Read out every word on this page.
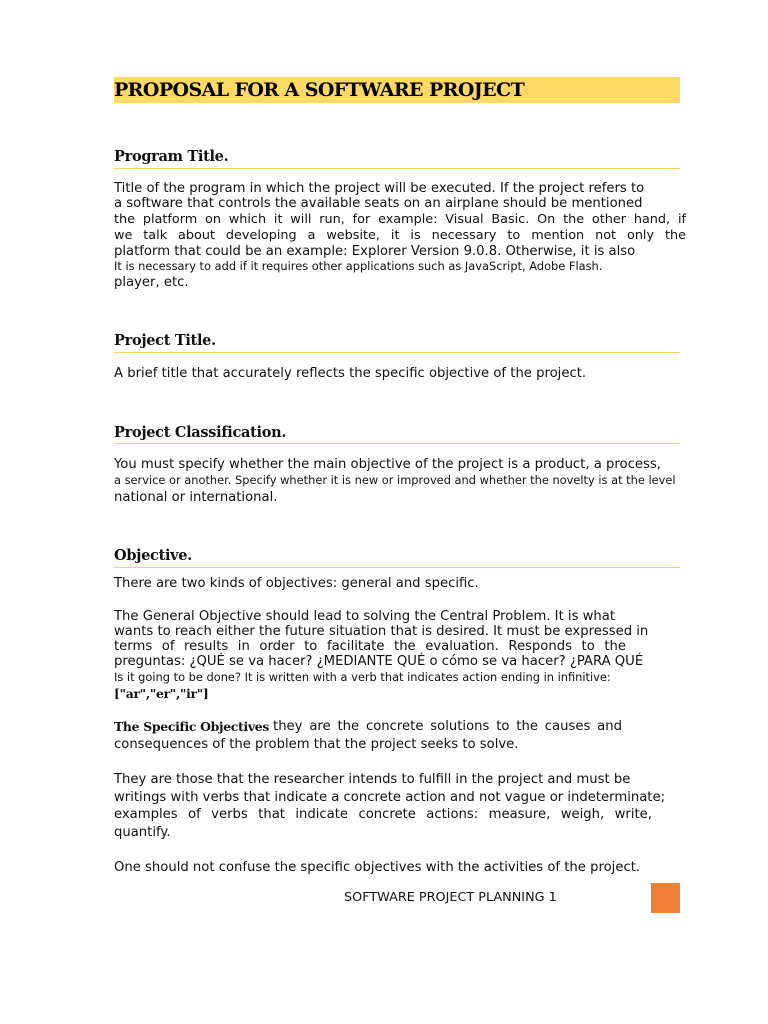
PROPOSAL FOR A SOFTWARE PROJECT
Program Title.
Title of the program in which the project will be executed. If the project refers to
a software that controls the available seats on an airplane should be mentioned
the platform on which it will run, for example: Visual Basic. On the other hand, if
we talk about developing a website, it is necessary to mention not only the
platform that could be an example: Explorer Version 9.0.8. Otherwise, it is also
It is necessary to add if it requires other applications such as JavaScript, Adobe Flash.
player, etc.
Project Title.
A brief title that accurately reflects the specific objective of the project.
Project Classification.
You must specify whether the main objective of the project is a product, a process,
a service or another. Specify whether it is new or improved and whether the novelty is at the level
national or international.
Objective.
There are two kinds of objectives: general and specific.
The General Objective should lead to solving the Central Problem. It is what
wants to reach either the future situation that is desired. It must be expressed in
terms of results in order to facilitate the evaluation. Responds to the
preguntas: ¿QUÉ se va hacer? ¿MEDIANTE QUÉ o cómo se va hacer? ¿PARA QUÉ
Is it going to be done? It is written with a verb that indicates action ending in infinitive:
["ar","er","ir"]
The Specific Objectives they are the concrete solutions to the causes and
consequences of the problem that the project seeks to solve.
They are those that the researcher intends to fulfill in the project and must be
writings with verbs that indicate a concrete action and not vague or indeterminate;
examples of verbs that indicate concrete actions: measure, weigh, write,
quantify.
One should not confuse the specific objectives with the activities of the project.
SOFTWARE PROJECT PLANNING 1
